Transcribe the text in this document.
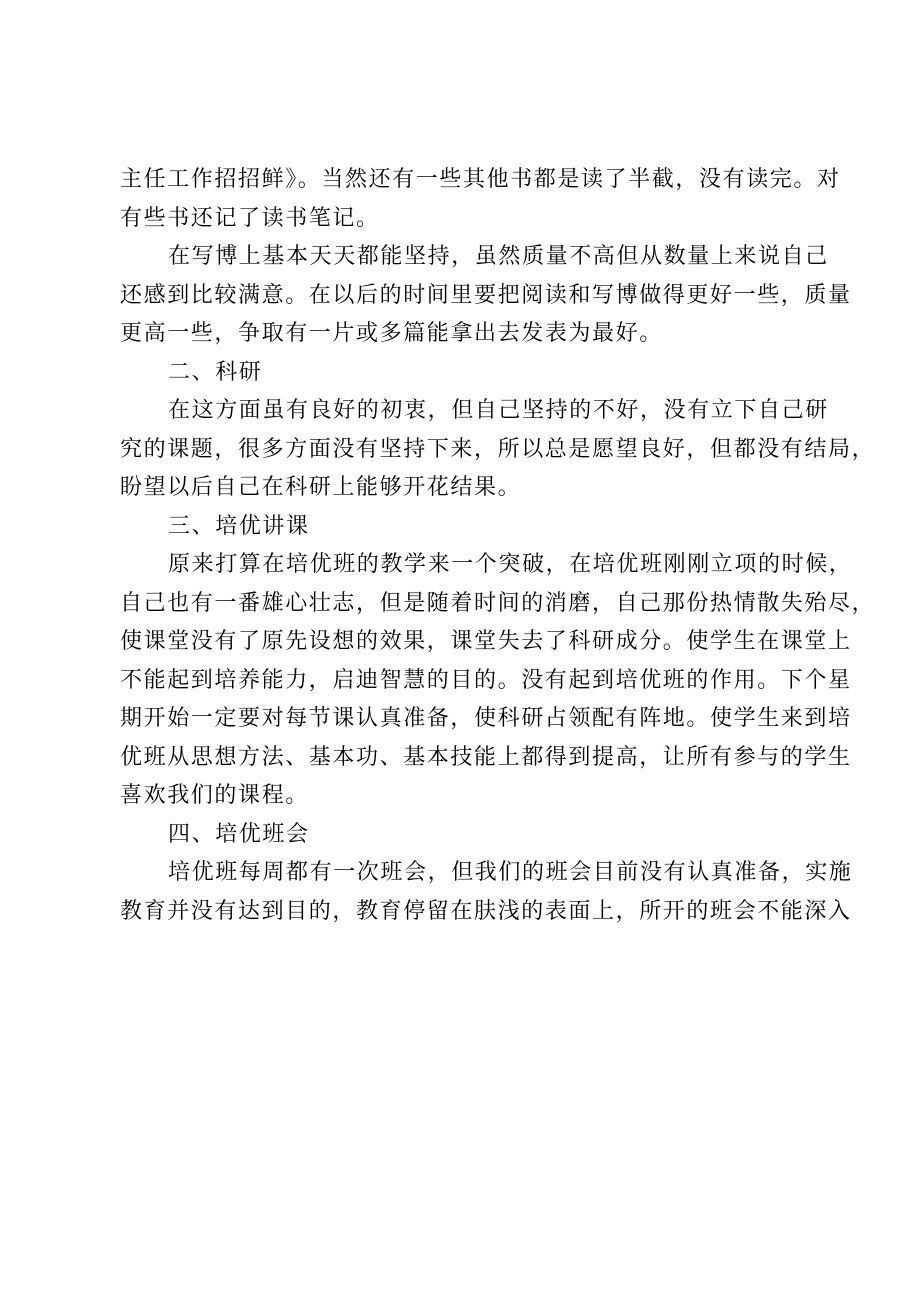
主任工作招招鲜》。当然还有一些其他书都是读了半截，没有读完。对
有些书还记了读书笔记。
在写博上基本天天都能坚持，虽然质量不高但从数量上来说自己
还感到比较满意。在以后的时间里要把阅读和写博做得更好一些，质量
更高一些，争取有一片或多篇能拿出去发表为最好。
二、科研
在这方面虽有良好的初衷，但自己坚持的不好，没有立下自己研
究的课题，很多方面没有坚持下来，所以总是愿望良好，但都没有结局，
盼望以后自己在科研上能够开花结果。
三、培优讲课
原来打算在培优班的教学来一个突破，在培优班刚刚立项的时候，
自己也有一番雄心壮志，但是随着时间的消磨，自己那份热情散失殆尽，
使课堂没有了原先设想的效果，课堂失去了科研成分。使学生在课堂上
不能起到培养能力，启迪智慧的目的。没有起到培优班的作用。下个星
期开始一定要对每节课认真准备，使科研占领配有阵地。使学生来到培
优班从思想方法、基本功、基本技能上都得到提高，让所有参与的学生
喜欢我们的课程。
四、培优班会
培优班每周都有一次班会，但我们的班会目前没有认真准备，实施
教育并没有达到目的，教育停留在肤浅的表面上，所开的班会不能深入
